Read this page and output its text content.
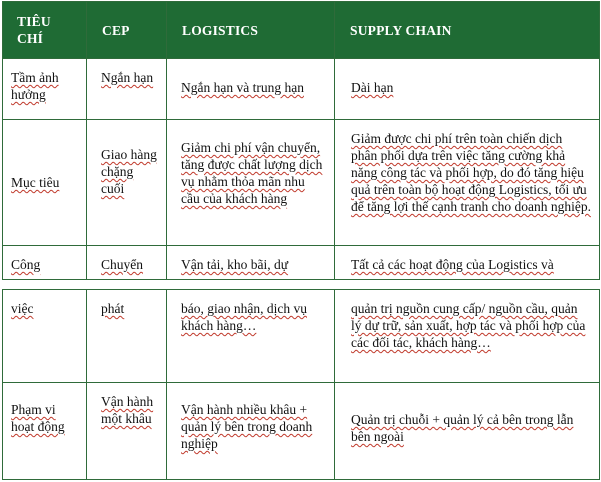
TIÊU CHÍ	CEP	LOGISTICS	SUPPLY CHAIN

Tầm ảnh hưởng	Ngắn hạn	Ngắn hạn và trung hạn	Dài hạn

Mục tiêu	Giao hàng chặng cuối	Giảm chi phí vận chuyển, tăng được chất lượng dịch vụ nhằm thỏa mãn nhu cầu của khách hàng	Giảm được chi phí trên toàn chiến dịch phân phối dựa trên việc tăng cường khả năng công tác và phối hợp, do đó tăng hiệu quả trên toàn bộ hoạt động Logistics, tối ưu để tăng lợi thế cạnh tranh cho doanh nghiệp.

Công	Chuyển	Vận tải, kho bãi, dự	Tất cả các hoạt động của Logistics và
việc	phát	báo, giao nhận, dịch vụ khách hàng…	quản trị nguồn cung cấp/ nguồn cầu, quản lý dự trữ, sản xuất, hợp tác và phối hợp của các đối tác, khách hàng…

Phạm vi hoạt động	Vận hành một khâu	Vận hành nhiều khâu + quản lý bên trong doanh nghiệp	Quản trị chuỗi + quản lý cả bên trong lẫn bên ngoài
